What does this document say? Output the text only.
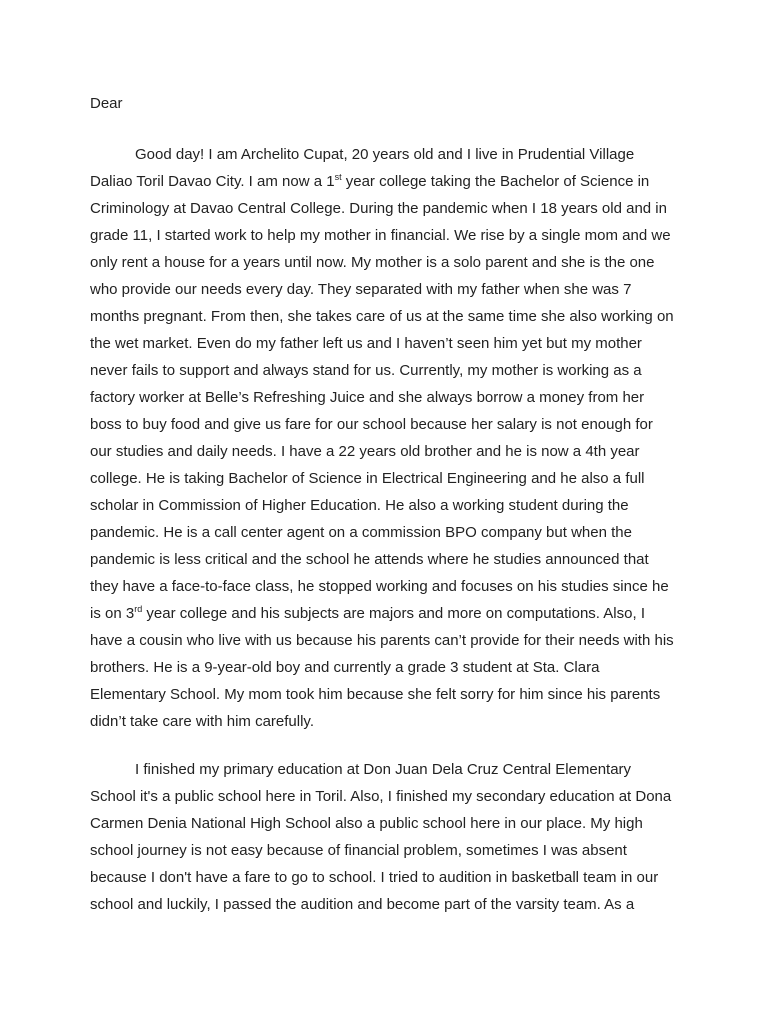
Dear

Good day! I am Archelito Cupat, 20 years old and I live in Prudential Village
Daliao Toril Davao City. I am now a 1st year college taking the Bachelor of Science in
Criminology at Davao Central College. During the pandemic when I 18 years old and in
grade 11, I started work to help my mother in financial. We rise by a single mom and we
only rent a house for a years until now. My mother is a solo parent and she is the one
who provide our needs every day. They separated with my father when she was 7
months pregnant. From then, she takes care of us at the same time she also working on
the wet market. Even do my father left us and I haven’t seen him yet but my mother
never fails to support and always stand for us. Currently, my mother is working as a
factory worker at Belle’s Refreshing Juice and she always borrow a money from her
boss to buy food and give us fare for our school because her salary is not enough for
our studies and daily needs. I have a 22 years old brother and he is now a 4th year
college. He is taking Bachelor of Science in Electrical Engineering and he also a full
scholar in Commission of Higher Education. He also a working student during the
pandemic. He is a call center agent on a commission BPO company but when the
pandemic is less critical and the school he attends where he studies announced that
they have a face-to-face class, he stopped working and focuses on his studies since he
is on 3rd year college and his subjects are majors and more on computations. Also, I
have a cousin who live with us because his parents can’t provide for their needs with his
brothers. He is a 9-year-old boy and currently a grade 3 student at Sta. Clara
Elementary School. My mom took him because she felt sorry for him since his parents
didn’t take care with him carefully.
I finished my primary education at Don Juan Dela Cruz Central Elementary
School it's a public school here in Toril. Also, I finished my secondary education at Dona
Carmen Denia National High School also a public school here in our place. My high
school journey is not easy because of financial problem, sometimes I was absent
because I don't have a fare to go to school. I tried to audition in basketball team in our
school and luckily, I passed the audition and become part of the varsity team. As a
